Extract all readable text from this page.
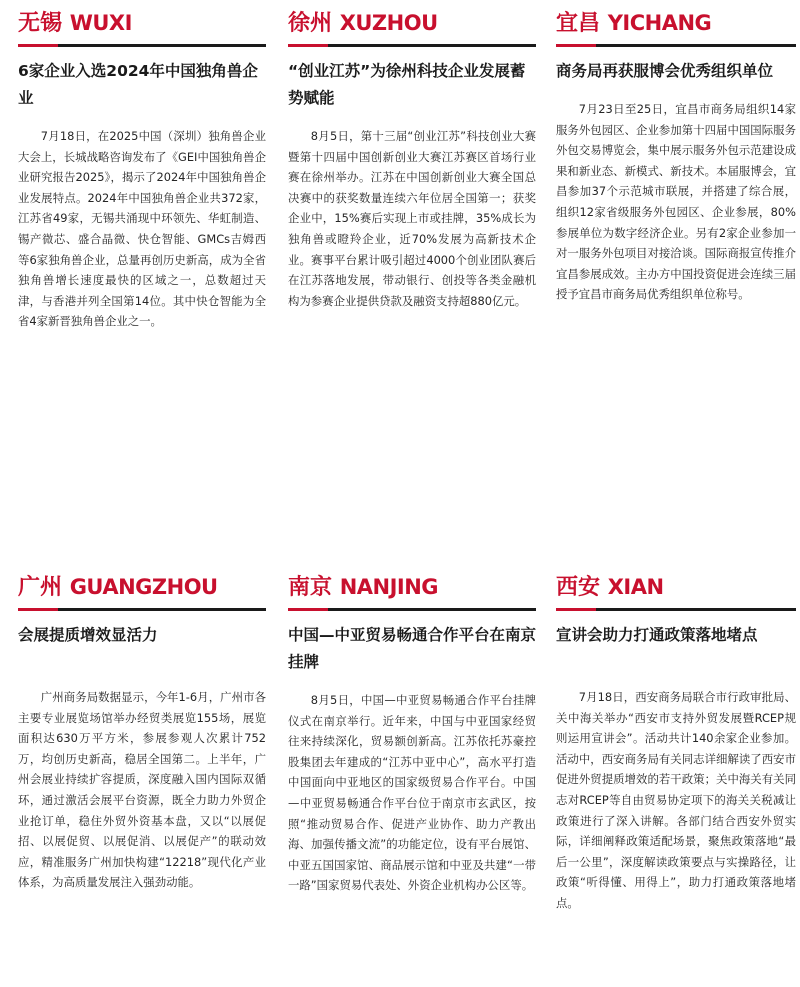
无锡 WUXI
6家企业入选2024年中国独角兽企业
7月18日，在2025中国（深圳）独角兽企业大会上，长城战略咨询发布了《GEI中国独角兽企业研究报告2025》，揭示了2024年中国独角兽企业发展特点。2024年中国独角兽企业共372家，江苏省49家，无锡共涌现中环领先、华虹制造、锡产微芯、盛合晶微、快仓智能、GMCs吉姆西等6家独角兽企业，总量再创历史新高，成为全省独角兽增长速度最快的区域之一，总数超过天津，与香港并列全国第14位。其中快仓智能为全省4家新晋独角兽企业之一。
徐州 XUZHOU
“创业江苏”为徐州科技企业发展蓄势赋能
8月5日，第十三届“创业江苏”科技创业大赛暨第十四届中国创新创业大赛江苏赛区首场行业赛在徐州举办。江苏在中国创新创业大赛全国总决赛中的获奖数量连续六年位居全国第一；获奖企业中，15%赛后实现上市或挂牌，35%成长为独角兽或瞪羚企业，近70%发展为高新技术企业。赛事平台累计吸引超过4000个创业团队赛后在江苏落地发展，带动银行、创投等各类金融机构为参赛企业提供贷款及融资支持超880亿元。
宜昌 YICHANG
商务局再获服博会优秀组织单位
7月23日至25日，宜昌市商务局组织14家服务外包园区、企业参加第十四届中国国际服务外包交易博览会，集中展示服务外包示范建设成果和新业态、新模式、新技术。本届服博会，宜昌参加37个示范城市联展，并搭建了综合展，组织12家省级服务外包园区、企业参展，80%参展单位为数字经济企业。另有2家企业参加一对一服务外包项目对接洽谈。国际商报宣传推介宜昌参展成效。主办方中国投资促进会连续三届授予宜昌市商务局优秀组织单位称号。
广州 GUANGZHOU
会展提质增效显活力
广州商务局数据显示，今年1-6月，广州市各主要专业展览场馆举办经贸类展览155场，展览面积达630万平方米，参展参观人次累计752万，均创历史新高，稳居全国第二。上半年，广州会展业持续扩容提质，深度融入国内国际双循环，通过激活会展平台资源，既全力助力外贸企业抢订单，稳住外贸外资基本盘，又以“以展促招、以展促贸、以展促消、以展促产”的联动效应，精准服务广州加快构建“12218”现代化产业体系，为高质量发展注入强劲动能。
南京 NANJING
中国—中亚贸易畅通合作平台在南京挂牌
8月5日，中国—中亚贸易畅通合作平台挂牌仪式在南京举行。近年来，中国与中亚国家经贸往来持续深化，贸易额创新高。江苏依托苏豪控股集团去年建成的“江苏中亚中心”，高水平打造中国面向中亚地区的国家级贸易合作平台。中国—中亚贸易畅通合作平台位于南京市玄武区，按照“推动贸易合作、促进产业协作、助力产教出海、加强传播文流”的功能定位，设有平台展馆、中亚五国国家馆、商品展示馆和中亚及共建“一带一路”国家贸易代表处、外资企业机构办公区等。
西安 XIAN
宣讲会助力打通政策落地堵点
7月18日，西安商务局联合市行政审批局、关中海关举办“西安市支持外贸发展暨RCEP规则运用宣讲会”。活动共计140余家企业参加。活动中，西安商务局有关同志详细解读了西安市促进外贸提质增效的若干政策；关中海关有关同志对RCEP等自由贸易协定项下的海关关税减让政策进行了深入讲解。各部门结合西安外贸实际，详细阐释政策适配场景，聚焦政策落地“最后一公里”，深度解读政策要点与实操路径，让政策“听得懂、用得上”，助力打通政策落地堵点。
